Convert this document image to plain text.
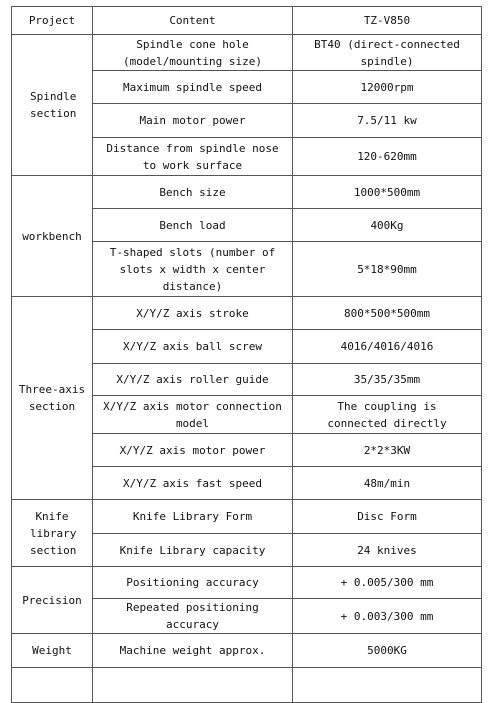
Project	Content	TZ-V850
Spindle section	Spindle cone hole (model/mounting size)	BT40 (direct-connected spindle)
	Maximum spindle speed	12000rpm
	Main motor power	7.5/11 kw
	Distance from spindle nose to work surface	120-620mm
workbench	Bench size	1000*500mm
	Bench load	400Kg
	T-shaped slots (number of slots x width x center distance)	5*18*90mm
Three-axis section	X/Y/Z axis stroke	800*500*500mm
	X/Y/Z axis ball screw	4016/4016/4016
	X/Y/Z axis roller guide	35/35/35mm
	X/Y/Z axis motor connection model	The coupling is connected directly
	X/Y/Z axis motor power	2*2*3KW
	X/Y/Z axis fast speed	48m/min
Knife library section	Knife Library Form	Disc Form
	Knife Library capacity	24 knives
Precision	Positioning accuracy	+ 0.005/300 mm
	Repeated positioning accuracy	+ 0.003/300 mm
Weight	Machine weight approx.	5000KG
